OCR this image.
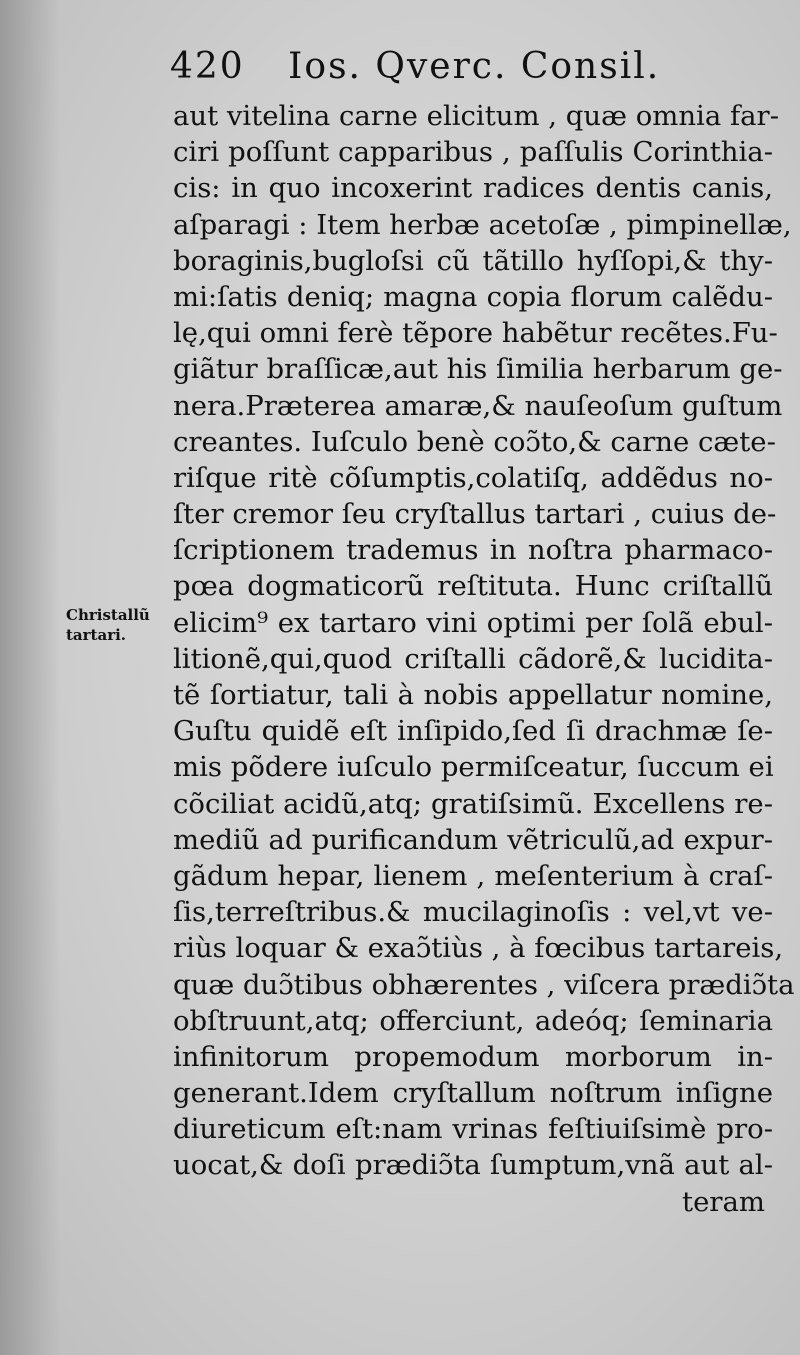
420 Ios. Qverc. Consil.
Christallũ
tartari.
aut vitelina carne elicitum , quæ omnia far-
ciri poſſunt capparibus , paſſulis Corinthia-
cis: in quo incoxerint radices dentis canis,
aſparagi : Item herbæ acetoſæ , pimpinellæ,
boraginis,bugloſsi cũ tãtillo hyſſopi,& thy-
mi:ſatis deniq; magna copia florum calẽdu-
lę,qui omni ferè tẽpore habẽtur recẽtes.Fu-
giãtur braſſicæ,aut his ſimilia herbarum ge-
nera.Præterea amaræ,& nauſeoſum guſtum
creantes. Iuſculo benè coɔ̃to,& carne cæte-
riſque ritè cõſumptis,colatiſq, addẽdus no-
ſter cremor ſeu cryſtallus tartari , cuius de-
ſcriptionem trademus in noſtra pharmaco-
pœa dogmaticorũ reſtituta. Hunc criſtallũ
elicim⁹ ex tartaro vini optimi per ſolã ebul-
litionẽ,qui,quod criſtalli cãdorẽ,& lucidita-
tẽ ſortiatur, tali à nobis appellatur nomine,
Guſtu quidẽ eſt inſipido,ſed ſi drachmæ ſe-
mis põdere iuſculo permiſceatur, ſuccum ei
cõciliat acidũ,atq; gratiſsimũ. Excellens re-
mediũ ad purificandum vẽtriculũ,ad expur-
gãdum hepar, lienem , meſenterium à craſ-
ſis,terreſtribus.& mucilaginoſis : vel,vt ve-
riùs loquar & exaɔ̃tiùs , à fœcibus tartareis,
quæ duɔ̃tibus obhærentes , viſcera prædiɔ̃ta
obſtruunt,atq; offerciunt, adeóq; ſeminaria
infinitorum propemodum morborum in-
generant.Idem cryſtallum noſtrum inſigne
diureticum eſt:nam vrinas feſtiuiſsimè pro-
uocat,& doſi prædiɔ̃ta ſumptum,vnã aut al-
teram
